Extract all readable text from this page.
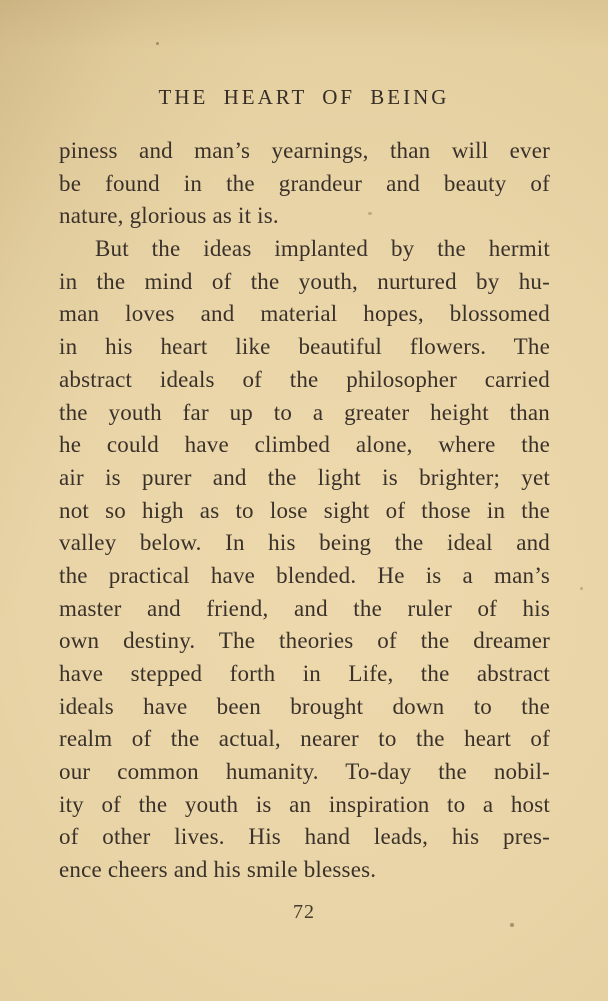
THE HEART OF BEING
piness and man’s yearnings, than will ever
be found in the grandeur and beauty of
nature, glorious as it is.
But the ideas implanted by the hermit
in the mind of the youth, nurtured by hu-
man loves and material hopes, blossomed
in his heart like beautiful flowers. The
abstract ideals of the philosopher carried
the youth far up to a greater height than
he could have climbed alone, where the
air is purer and the light is brighter; yet
not so high as to lose sight of those in the
valley below. In his being the ideal and
the practical have blended. He is a man’s
master and friend, and the ruler of his
own destiny. The theories of the dreamer
have stepped forth in Life, the abstract
ideals have been brought down to the
realm of the actual, nearer to the heart of
our common humanity. To-day the nobil-
ity of the youth is an inspiration to a host
of other lives. His hand leads, his pres-
ence cheers and his smile blesses.
72
